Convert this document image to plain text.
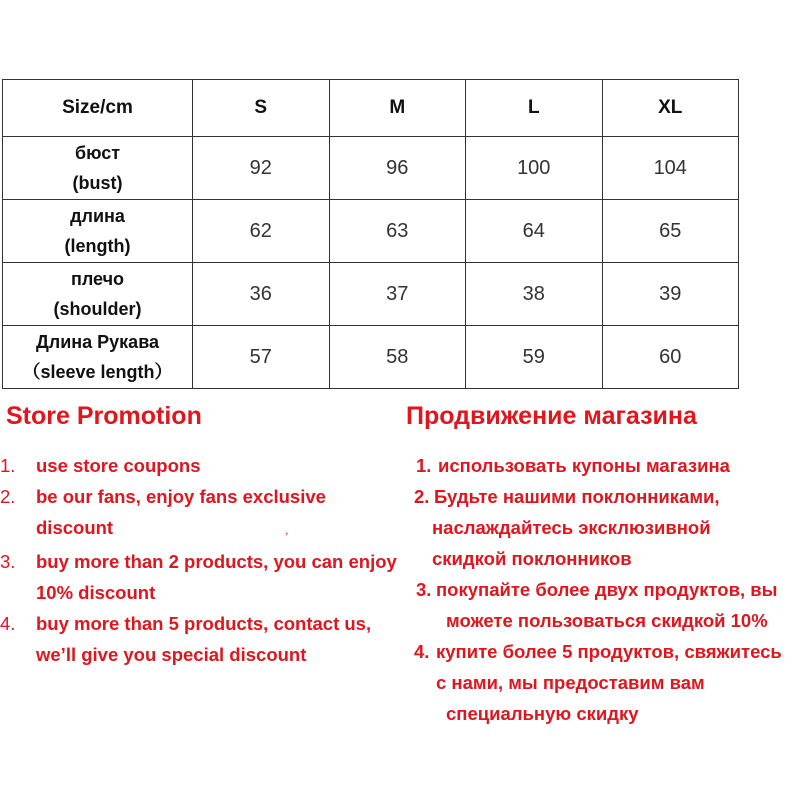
Size/cm	S	M	L	XL

бюст
(bust)	92	96	100	104

длина
(length)	62	63	64	65

плечо
(shoulder)	36	37	38	39

Длина Рукава
（sleeve length）	57	58	59	60
Store Promotion	Продвижение магазина
1. use store coupons
2. be our fans, enjoy fans exclusive
discount	,
3. buy more than 2 products, you can enjoy
10% discount
4. buy more than 5 products, contact us,
we’ll give you special discount
1. использовать купоны магазина
2. Будьте нашими поклонниками,
наслаждайтесь эксклюзивной
скидкой поклонников
3. покупайте более двух продуктов, вы
можете пользоваться скидкой 10%
4. купите более 5 продуктов, свяжитесь
с нами, мы предоставим вам
специальную скидку
